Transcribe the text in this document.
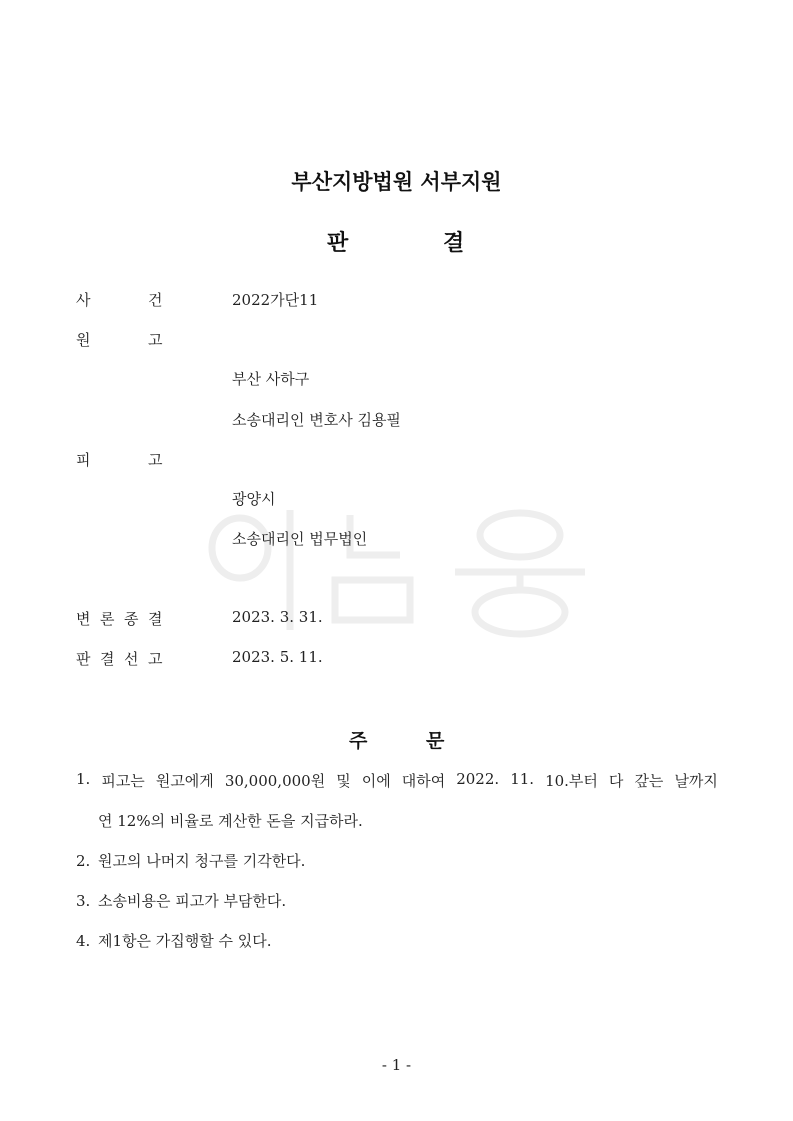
부산지방법원 서부지원
판	결
사	건	2022가단11
원	고
부산 사하구
소송대리인 변호사 김용필
피	고
광양시
소송대리인 법무법인
변 론 종 결	2023. 3. 31.
판 결 선 고	2023. 5. 11.
주	문
1. 피고는 원고에게 30,000,000원 및 이에 대하여 2022. 11. 10.부터 다 갚는 날까지
연 12%의 비율로 계산한 돈을 지급하라.
2. 원고의 나머지 청구를 기각한다.
3. 소송비용은 피고가 부담한다.
4. 제1항은 가집행할 수 있다.
- 1 -
